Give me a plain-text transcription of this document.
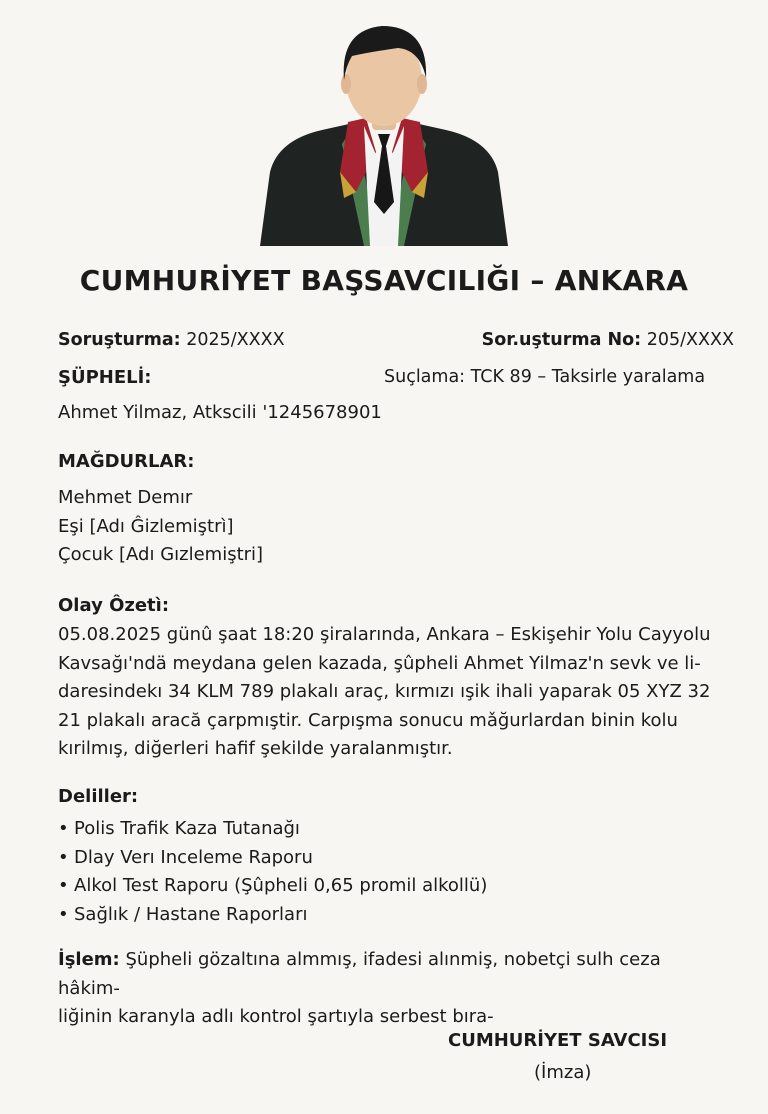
CUMHURİYET BAŞSAVCILIĞI – ANKARA
Soruşturma: 2025/XXXX	Sor.uşturma No: 205/XXXX
ŞÜPHELİ:	Suçlama: TCK 89 – Taksirle yaralama
Ahmet Yilmaz, Atkscili '1245678901
MAĞDURLAR:
Mehmet Demır
Eşi [Adı Ĝizlemiştrì]
Çocuk [Adı Gızlemiştri]
Olay Ôzetì:
05.08.2025 günû şaat 18:20 şiralarında, Ankara – Eskişehir Yolu Cayyolu
Kavsağı'ndä meydana gelen kazada, şûpheli Ahmet Yilmaz'n sevk ve li-
daresindekı 34 KLM 789 plakalı araç, kırmızı ışik ihali yaparak 05 XYZ 32
21 plakalı aracă çarpmıştir. Carpışma sonucu mǎğurlardan binin kolu
kırilmış, diğerleri hafif şekilde yaralanmıştır.
Deliller:
• Polis Trafik Kaza Tutanağı
• Dlay Verı Inceleme Raporu
• Alkol Test Raporu (Şûpheli 0,65 promil alkollü)
• Sağlık / Hastane Raporları
İşlem: Şüpheli gözaltına almmış, ifadesi alınmiş, nobetçi sulh ceza hâkim-
liğinin karanyla adlı kontrol şartıyla serbest bıra-
CUMHURİYET SAVCISI
(İmza)
